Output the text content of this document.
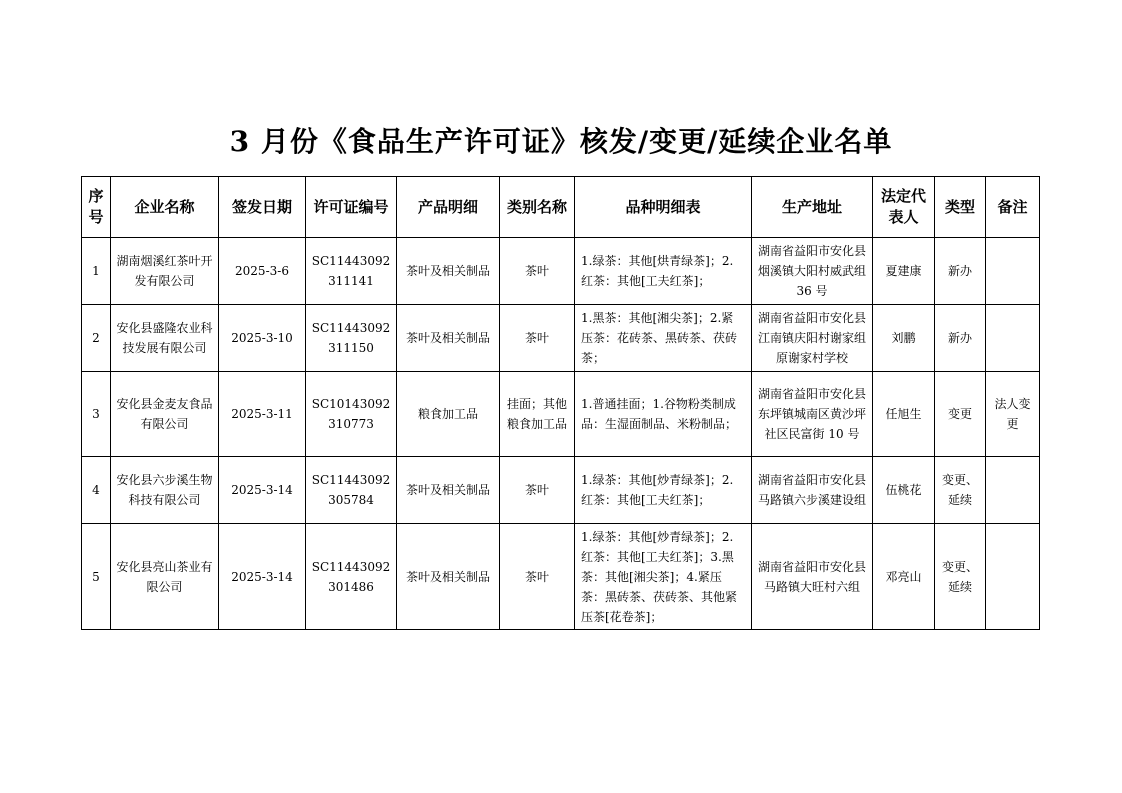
3 月份《食品生产许可证》核发/变更/延续企业名单
序号	企业名称	签发日期	许可证编号	产品明细	类别名称	品种明细表	生产地址	法定代表人	类型	备注
1	湖南烟溪红茶叶开发有限公司	2025-3-6	SC11443092311141	茶叶及相关制品	茶叶	1.绿茶：其他[烘青绿茶]；2.红茶：其他[工夫红茶]；	湖南省益阳市安化县烟溪镇大阳村威武组 36 号	夏建康	新办	
2	安化县盛隆农业科技发展有限公司	2025-3-10	SC11443092311150	茶叶及相关制品	茶叶	1.黑茶：其他[湘尖茶]；2.紧压茶：花砖茶、黑砖茶、茯砖茶；	湖南省益阳市安化县江南镇庆阳村谢家组原谢家村学校	刘鹏	新办	
3	安化县金麦友食品有限公司	2025-3-11	SC10143092310773	粮食加工品	挂面；其他粮食加工品	1.普通挂面；1.谷物粉类制成品：生湿面制品、米粉制品；	湖南省益阳市安化县东坪镇城南区黄沙坪社区民富街 10 号	任旭生	变更	法人变更
4	安化县六步溪生物科技有限公司	2025-3-14	SC11443092305784	茶叶及相关制品	茶叶	1.绿茶：其他[炒青绿茶]；2.红茶：其他[工夫红茶]；	湖南省益阳市安化县马路镇六步溪建设组	伍桃花	变更、延续	
5	安化县亮山茶业有限公司	2025-3-14	SC11443092301486	茶叶及相关制品	茶叶	1.绿茶：其他[炒青绿茶]；2.红茶：其他[工夫红茶]；3.黑茶：其他[湘尖茶]；4.紧压茶：黑砖茶、茯砖茶、其他紧压茶[花卷茶]；	湖南省益阳市安化县马路镇大旺村六组	邓亮山	变更、延续	
